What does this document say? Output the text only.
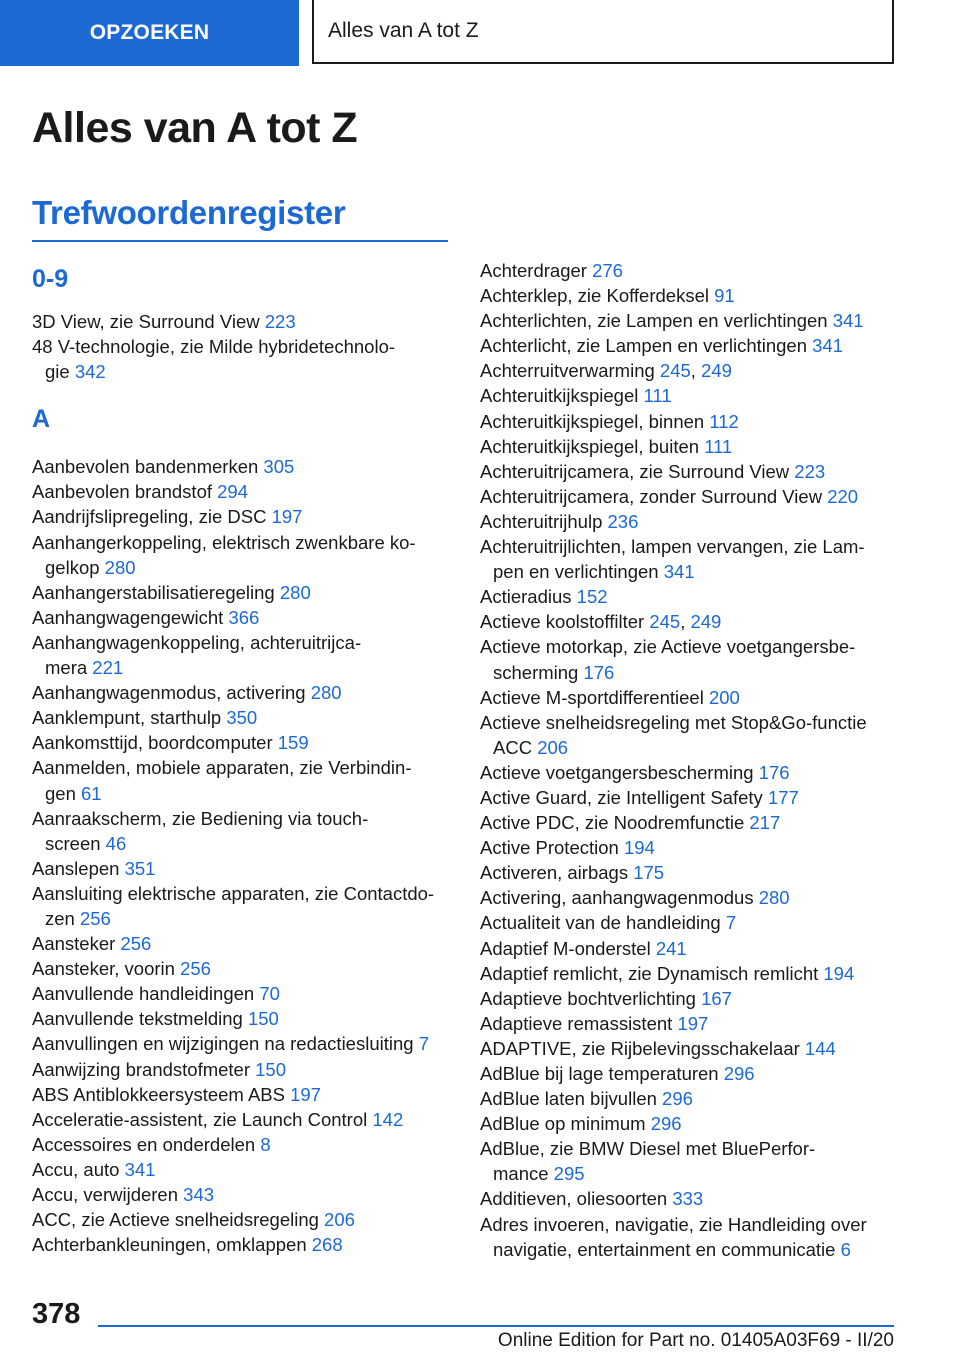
OPZOEKEN	Alles van A tot Z
Alles van A tot Z
Trefwoordenregister
0-9
3D View, zie Surround View 223
48 V-technologie, zie Milde hybridetechnolo-
gie 342
A
Aanbevolen bandenmerken 305
Aanbevolen brandstof 294
Aandrijfslipregeling, zie DSC 197
Aanhangerkoppeling, elektrisch zwenkbare ko-
gelkop 280
Aanhangerstabilisatieregeling 280
Aanhangwagengewicht 366
Aanhangwagenkoppeling, achteruitrijca-
mera 221
Aanhangwagenmodus, activering 280
Aanklempunt, starthulp 350
Aankomsttijd, boordcomputer 159
Aanmelden, mobiele apparaten, zie Verbindin-
gen 61
Aanraakscherm, zie Bediening via touch-
screen 46
Aanslepen 351
Aansluiting elektrische apparaten, zie Contactdo-
zen 256
Aansteker 256
Aansteker, voorin 256
Aanvullende handleidingen 70
Aanvullende tekstmelding 150
Aanvullingen en wijzigingen na redactiesluiting 7
Aanwijzing brandstofmeter 150
ABS Antiblokkeersysteem ABS 197
Acceleratie-assistent, zie Launch Control 142
Accessoires en onderdelen 8
Accu, auto 341
Accu, verwijderen 343
ACC, zie Actieve snelheidsregeling 206
Achterbankleuningen, omklappen 268
Achterdrager 276
Achterklep, zie Kofferdeksel 91
Achterlichten, zie Lampen en verlichtingen 341
Achterlicht, zie Lampen en verlichtingen 341
Achterruitverwarming 245, 249
Achteruitkijkspiegel 111
Achteruitkijkspiegel, binnen 112
Achteruitkijkspiegel, buiten 111
Achteruitrijcamera, zie Surround View 223
Achteruitrijcamera, zonder Surround View 220
Achteruitrijhulp 236
Achteruitrijlichten, lampen vervangen, zie Lam-
pen en verlichtingen 341
Actieradius 152
Actieve koolstoffilter 245, 249
Actieve motorkap, zie Actieve voetgangersbe-
scherming 176
Actieve M-sportdifferentieel 200
Actieve snelheidsregeling met Stop&Go-functie
ACC 206
Actieve voetgangersbescherming 176
Active Guard, zie Intelligent Safety 177
Active PDC, zie Noodremfunctie 217
Active Protection 194
Activeren, airbags 175
Activering, aanhangwagenmodus 280
Actualiteit van de handleiding 7
Adaptief M-onderstel 241
Adaptief remlicht, zie Dynamisch remlicht 194
Adaptieve bochtverlichting 167
Adaptieve remassistent 197
ADAPTIVE, zie Rijbelevingsschakelaar 144
AdBlue bij lage temperaturen 296
AdBlue laten bijvullen 296
AdBlue op minimum 296
AdBlue, zie BMW Diesel met BluePerfor-
mance 295
Additieven, oliesoorten 333
Adres invoeren, navigatie, zie Handleiding over
navigatie, entertainment en communicatie 6
378
Online Edition for Part no. 01405A03F69 - II/20
